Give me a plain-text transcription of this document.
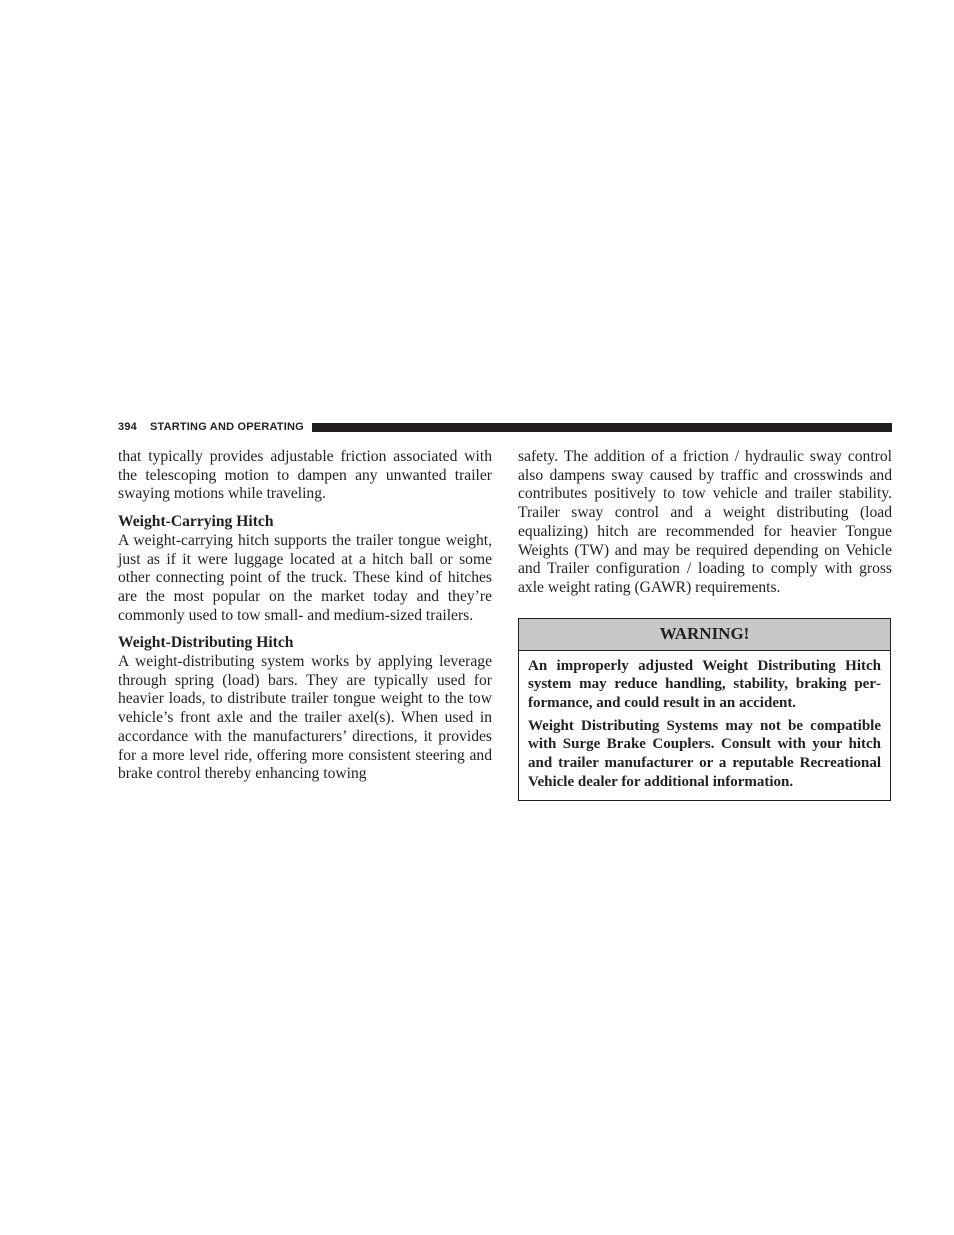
394 STARTING AND OPERATING

that typically provides adjustable friction associated with the telescoping motion to dampen any unwanted trailer swaying motions while traveling.

Weight-Carrying Hitch

A weight-carrying hitch supports the trailer tongue weight, just as if it were luggage located at a hitch ball or some other connecting point of the truck. These kind of hitches are the most popular on the market today and they’re commonly used to tow small- and medium-sized trailers.

Weight-Distributing Hitch

A weight-distributing system works by applying leverage through spring (load) bars. They are typically used for heavier loads, to distribute trailer tongue weight to the tow vehicle’s front axle and the trailer axel(s). When used in accordance with the manufacturers’ directions, it provides for a more level ride, offering more consistent steering and brake control thereby enhancing towing

safety. The addition of a friction / hydraulic sway control also dampens sway caused by traffic and crosswinds and contributes positively to tow vehicle and trailer stability. Trailer sway control and a weight distributing (load equalizing) hitch are recommended for heavier Tongue Weights (TW) and may be required depending on Vehicle and Trailer configuration / loading to comply with gross axle weight rating (GAWR) requirements.

WARNING!

An improperly adjusted Weight Distributing Hitch system may reduce handling, stability, braking performance, and could result in an accident.

Weight Distributing Systems may not be compatible with Surge Brake Couplers. Consult with your hitch and trailer manufacturer or a reputable Recreational Vehicle dealer for additional information.
